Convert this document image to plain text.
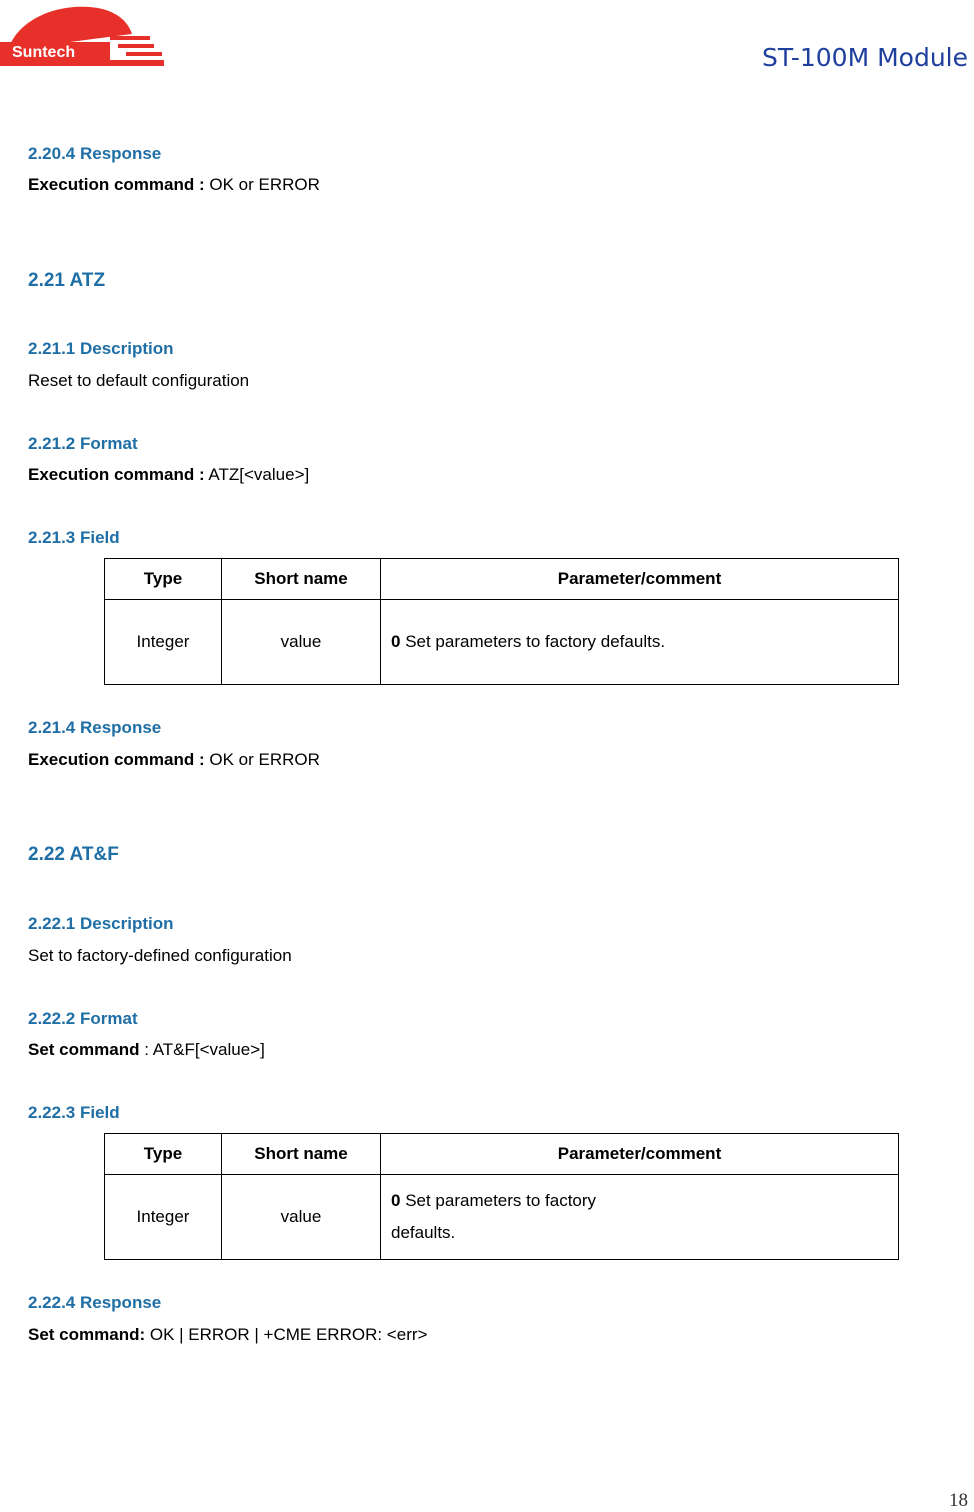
Suntech	ST-100M Module
2.20.4 Response
Execution command : OK or ERROR
2.21 ATZ
2.21.1 Description
Reset to default configuration
2.21.2 Format
Execution command : ATZ[<value>]
2.21.3 Field
Type	Short name	Parameter/comment
Integer	value	0 Set parameters to factory defaults.
2.21.4 Response
Execution command : OK or ERROR
2.22 AT&F
2.22.1 Description
Set to factory-defined configuration
2.22.2 Format
Set command : AT&F[<value>]
2.22.3 Field
Type	Short name	Parameter/comment
Integer	value	0 Set parameters to factory
defaults.
2.22.4 Response
Set command: OK | ERROR | +CME ERROR: <err>
18
